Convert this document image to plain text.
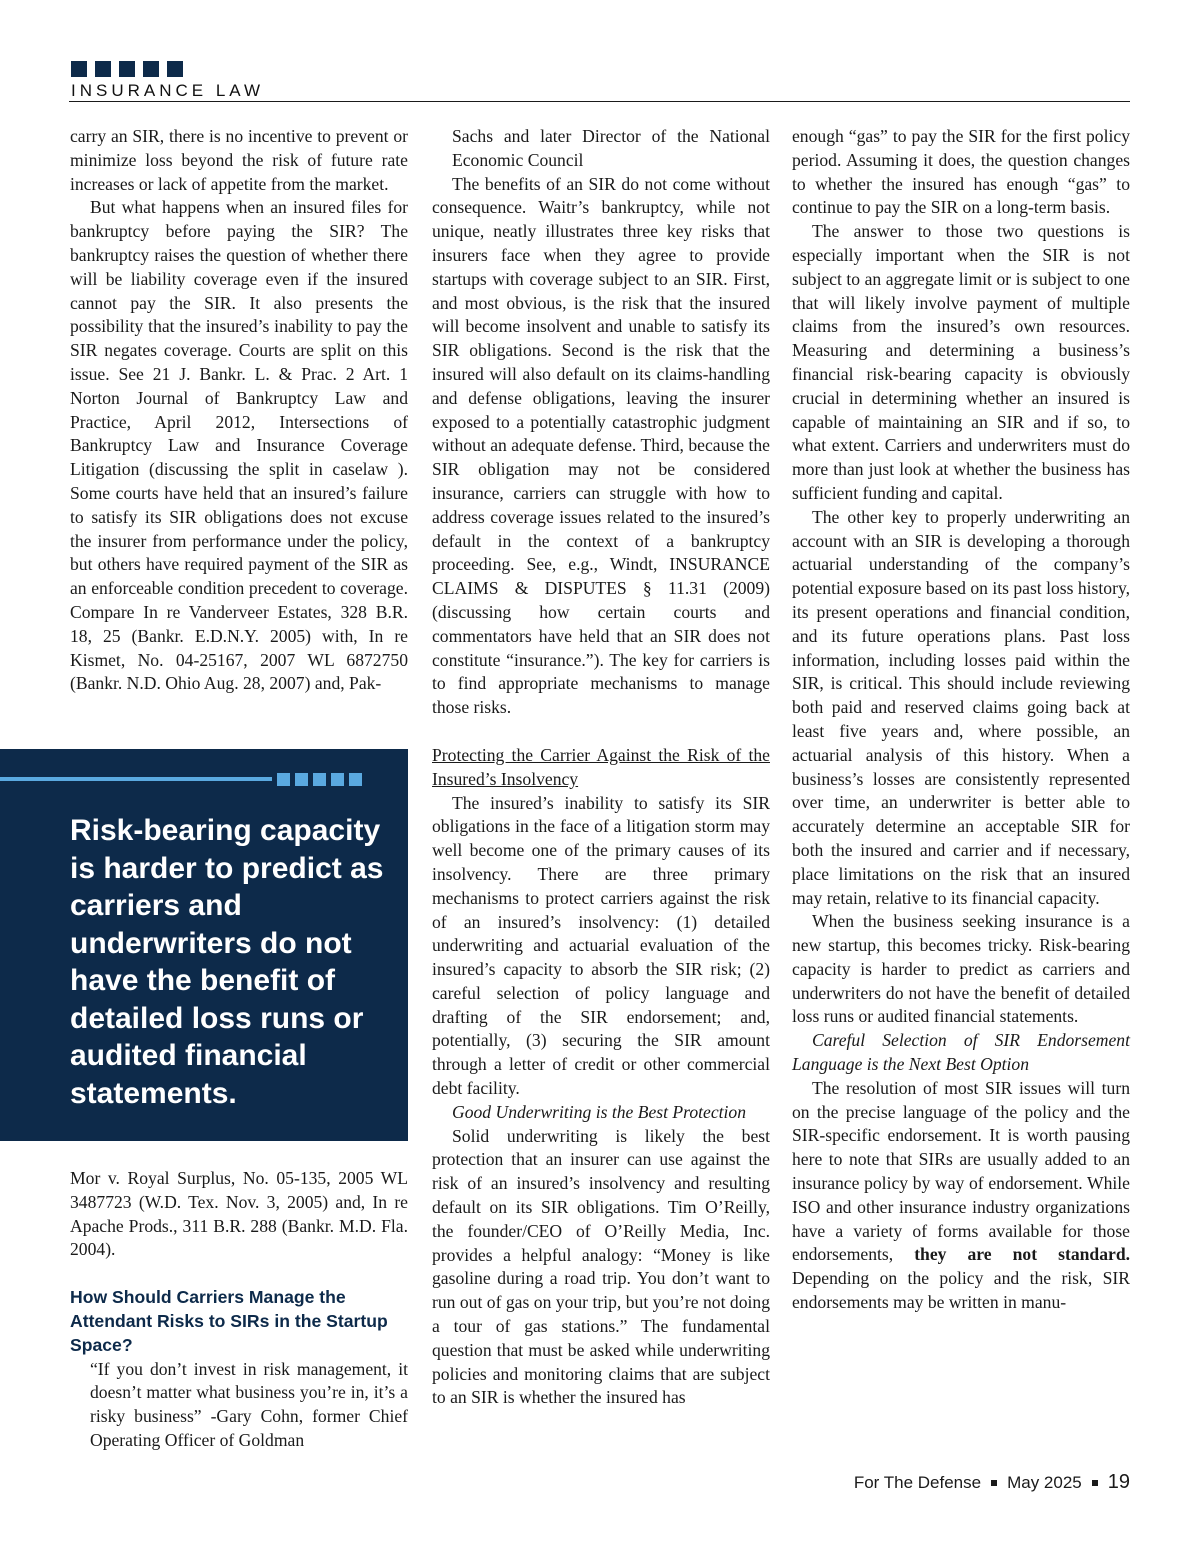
INSURANCE LAW

carry an SIR, there is no incentive to prevent or minimize loss beyond the risk of future rate increases or lack of appetite from the market.

But what happens when an insured files for bankruptcy before paying the SIR? The bankruptcy raises the question of whether there will be liability coverage even if the insured cannot pay the SIR. It also presents the possibility that the insured’s inability to pay the SIR negates coverage. Courts are split on this issue. See 21 J. Bankr. L. & Prac. 2 Art. 1 Norton Journal of Bankruptcy Law and Practice, April 2012, Intersections of Bankruptcy Law and Insurance Coverage Litigation (discussing the split in caselaw ). Some courts have held that an insured’s failure to satisfy its SIR obligations does not excuse the insurer from performance under the policy, but others have required payment of the SIR as an enforceable condition precedent to coverage. Compare In re Vanderveer Estates, 328 B.R. 18, 25 (Bankr. E.D.N.Y. 2005) with, In re Kismet, No. 04-25167, 2007 WL 6872750 (Bankr. N.D. Ohio Aug. 28, 2007) and, Pak-

Risk-bearing capacity is harder to predict as carriers and underwriters do not have the benefit of detailed loss runs or audited financial statements.

Mor v. Royal Surplus, No. 05-135, 2005 WL 3487723 (W.D. Tex. Nov. 3, 2005) and, In re Apache Prods., 311 B.R. 288 (Bankr. M.D. Fla. 2004).

How Should Carriers Manage the Attendant Risks to SIRs in the Startup Space?

“If you don’t invest in risk management, it doesn’t matter what business you’re in, it’s a risky business” -Gary Cohn, former Chief Operating Officer of Goldman

Sachs and later Director of the National Economic Council

The benefits of an SIR do not come without consequence. Waitr’s bankruptcy, while not unique, neatly illustrates three key risks that insurers face when they agree to provide startups with coverage subject to an SIR. First, and most obvious, is the risk that the insured will become insolvent and unable to satisfy its SIR obligations. Second is the risk that the insured will also default on its claims-handling and defense obligations, leaving the insurer exposed to a potentially catastrophic judgment without an adequate defense. Third, because the SIR obligation may not be considered insurance, carriers can struggle with how to address coverage issues related to the insured’s default in the context of a bankruptcy proceeding. See, e.g., Windt, INSURANCE CLAIMS & DISPUTES § 11.31 (2009) (discussing how certain courts and commentators have held that an SIR does not constitute “insurance.”). The key for carriers is to find appropriate mechanisms to manage those risks.

Protecting the Carrier Against the Risk of the Insured’s Insolvency

The insured’s inability to satisfy its SIR obligations in the face of a litigation storm may well become one of the primary causes of its insolvency. There are three primary mechanisms to protect carriers against the risk of an insured’s insolvency: (1) detailed underwriting and actuarial evaluation of the insured’s capacity to absorb the SIR risk; (2) careful selection of policy language and drafting of the SIR endorsement; and, potentially, (3) securing the SIR amount through a letter of credit or other commercial debt facility.

Good Underwriting is the Best Protection

Solid underwriting is likely the best protection that an insurer can use against the risk of an insured’s insolvency and resulting default on its SIR obligations. Tim O’Reilly, the founder/CEO of O’Reilly Media, Inc. provides a helpful analogy: “Money is like gasoline during a road trip. You don’t want to run out of gas on your trip, but you’re not doing a tour of gas stations.” The fundamental question that must be asked while underwriting policies and monitoring claims that are subject to an SIR is whether the insured has

enough “gas” to pay the SIR for the first policy period. Assuming it does, the question changes to whether the insured has enough “gas” to continue to pay the SIR on a long-term basis.

The answer to those two questions is especially important when the SIR is not subject to an aggregate limit or is subject to one that will likely involve payment of multiple claims from the insured’s own resources. Measuring and determining a business’s financial risk-bearing capacity is obviously crucial in determining whether an insured is capable of maintaining an SIR and if so, to what extent. Carriers and underwriters must do more than just look at whether the business has sufficient funding and capital.

The other key to properly underwriting an account with an SIR is developing a thorough actuarial understanding of the company’s potential exposure based on its past loss history, its present operations and financial condition, and its future operations plans. Past loss information, including losses paid within the SIR, is critical. This should include reviewing both paid and reserved claims going back at least five years and, where possible, an actuarial analysis of this history. When a business’s losses are consistently represented over time, an underwriter is better able to accurately determine an acceptable SIR for both the insured and carrier and if necessary, place limitations on the risk that an insured may retain, relative to its financial capacity.

When the business seeking insurance is a new startup, this becomes tricky. Risk-bearing capacity is harder to predict as carriers and underwriters do not have the benefit of detailed loss runs or audited financial statements.

Careful Selection of SIR Endorsement Language is the Next Best Option

The resolution of most SIR issues will turn on the precise language of the policy and the SIR-specific endorsement. It is worth pausing here to note that SIRs are usually added to an insurance policy by way of endorsement. While ISO and other insurance industry organizations have a variety of forms available for those endorsements, they are not standard. Depending on the policy and the risk, SIR endorsements may be written in manu-

For The Defense May 2025 19
